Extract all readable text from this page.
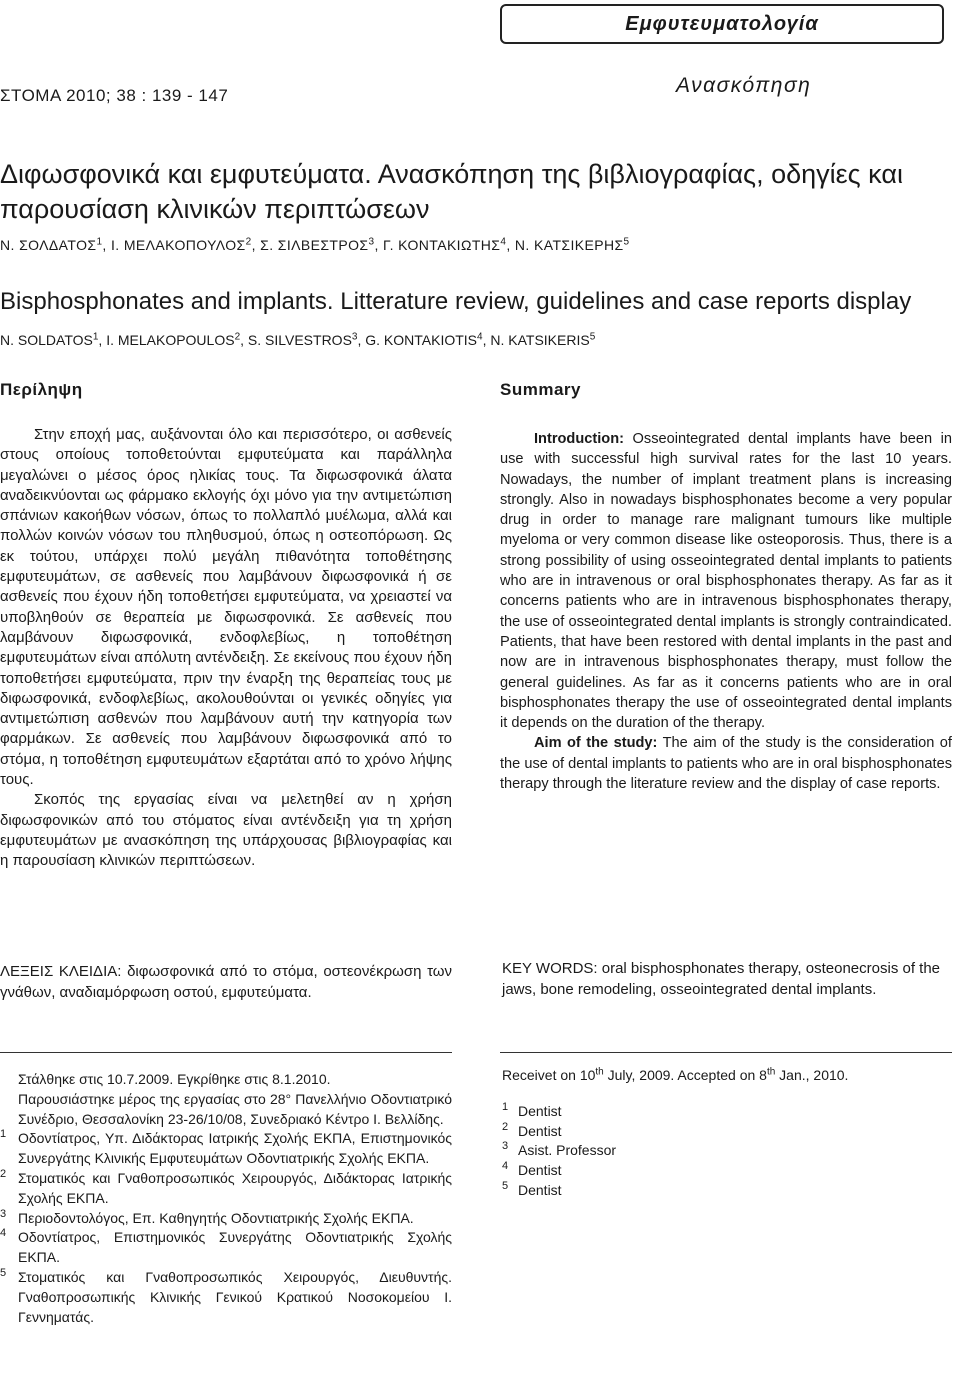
Εμφυτευματολογία
ΣΤΟΜΑ 2010; 38 : 139 - 147	Ανασκόπηση
Διφωσφονικά και εμφυτεύματα. Ανασκόπηση της βιβλιογραφίας, οδηγίες και παρουσίαση κλινικών περιπτώσεων
Ν. ΣΟΛΔΑΤΟΣ$^1$, Ι. ΜΕΛΑΚΟΠΟΥΛΟΣ$^2$, Σ. ΣΙΛΒΕΣΤΡΟΣ$^3$, Γ. ΚΟΝΤΑΚΙΩΤΗΣ$^4$, Ν. ΚΑΤΣΙΚΕΡΗΣ$^5$
Bisphosphonates and implants. Litterature review, guidelines and case reports display
N. SOLDATOS$^1$, I. MELAKOPOULOS$^2$, S. SILVESTROS$^3$, G. KONTAKIOTIS$^4$, N. KATSIKERIS$^5$
Περίληψη	Summary

Στην εποχή μας, αυξάνονται όλο και περισσότερο, οι ασθενείς στους οποίους τοποθετούνται εμφυτεύματα και παράλληλα μεγαλώνει ο μέσος όρος ηλικίας τους. Τα διφωσφονικά άλατα αναδεικνύονται ως φάρμακο εκλογής όχι μόνο για την αντιμετώπιση σπάνιων κακοήθων νόσων, όπως το πολλαπλό μυέλωμα, αλλά και πολλών κοινών νόσων του πληθυσμού, όπως η οστεοπόρωση. Ως εκ τούτου, υπάρχει πολύ μεγάλη πιθανότητα τοποθέτησης εμφυτευμάτων, σε ασθενείς που λαμβάνουν διφωσφονικά ή σε ασθενείς που έχουν ήδη τοποθετήσει εμφυτεύματα, να χρειαστεί να υποβληθούν σε θεραπεία με διφωσφονικά. Σε ασθενείς που λαμβάνουν διφωσφονικά, ενδοφλεβίως, η τοποθέτηση εμφυτευμάτων είναι απόλυτη αντένδειξη. Σε εκείνους που έχουν ήδη τοποθετήσει εμφυτεύματα, πριν την έναρξη της θεραπείας τους με διφωσφονικά, ενδοφλεβίως, ακολουθούνται οι γενικές οδηγίες για αντιμετώπιση ασθενών που λαμβάνουν αυτή την κατηγορία των φαρμάκων. Σε ασθενείς που λαμβάνουν διφωσφονικά από το στόμα, η τοποθέτηση εμφυτευμάτων εξαρτάται από το χρόνο λήψης τους.

Σκοπός της εργασίας είναι να μελετηθεί αν η χρήση διφωσφονικών από του στόματος είναι αντένδειξη για τη χρήση εμφυτευμάτων με ανασκόπηση της υπάρχουσας βιβλιογραφίας και η παρουσίαση κλινικών περιπτώσεων.

Introduction: Osseointegrated dental implants have been in use with successful high survival rates for the last 10 years. Nowadays, the number of implant treatment plans is increasing strongly. Also in nowadays bisphosphonates become a very popular drug in order to manage rare malignant tumours like multiple myeloma or very common disease like osteoporosis. Thus, there is a strong possibility of using osseointegrated dental implants to patients who are in intravenous or oral bisphosphonates therapy. As far as it concerns patients who are in intravenous bisphosphonates therapy, the use of osseointegrated dental implants is strongly contraindicated. Patients, that have been restored with dental implants in the past and now are in intravenous bisphosphonates therapy, must follow the general guidelines. As far as it concerns patients who are in oral bisphosphonates therapy the use of osseointegrated dental implants it depends on the duration of the therapy.

Aim of the study: The aim of the study is the consideration of the use of dental implants to patients who are in oral bisphosphonates therapy through the literature review and the display of case reports.

ΛΕΞΕΙΣ ΚΛΕΙΔΙΑ: διφωσφονικά από το στόμα, οστεονέκρωση των γνάθων, αναδιαμόρφωση οστού, εμφυτεύματα.
KEY WORDS: oral bisphosphonates therapy, osteonecrosis of the jaws, bone remodeling, osseointegrated dental implants.
Στάλθηκε στις 10.7.2009. Εγκρίθηκε στις 8.1.2010.
Παρουσιάστηκε μέρος της εργασίας στο 28° Πανελλήνιο Οδοντιατρικό Συνέδριο, Θεσσαλονίκη 23-26/10/08, Συνεδριακό Κέντρο Ι. Βελλίδης.
1 Οδοντίατρος, Υπ. Διδάκτορας Ιατρικής Σχολής ΕΚΠΑ, Επιστημονικός Συνεργάτης Κλινικής Εμφυτευμάτων Οδοντιατρικής Σχολής ΕΚΠΑ.
2 Στοματικός και Γναθοπροσωπικός Χειρουργός, Διδάκτορας Ιατρικής Σχολής ΕΚΠΑ.
3 Περιοδοντολόγος, Επ. Καθηγητής Οδοντιατρικής Σχολής ΕΚΠΑ.
4 Οδοντίατρος, Επιστημονικός Συνεργάτης Οδοντιατρικής Σχολής ΕΚΠΑ.
5 Στοματικός και Γναθοπροσωπικός Χειρουργός, Διευθυντής. Γναθοπροσωπικής Κλινικής Γενικού Κρατικού Νοσοκομείου Ι. Γεννηματάς.
Receivet on 10th July, 2009. Accepted on 8th Jan., 2010.
1 Dentist
2 Dentist
3 Asist. Professor
4 Dentist
5 Dentist
